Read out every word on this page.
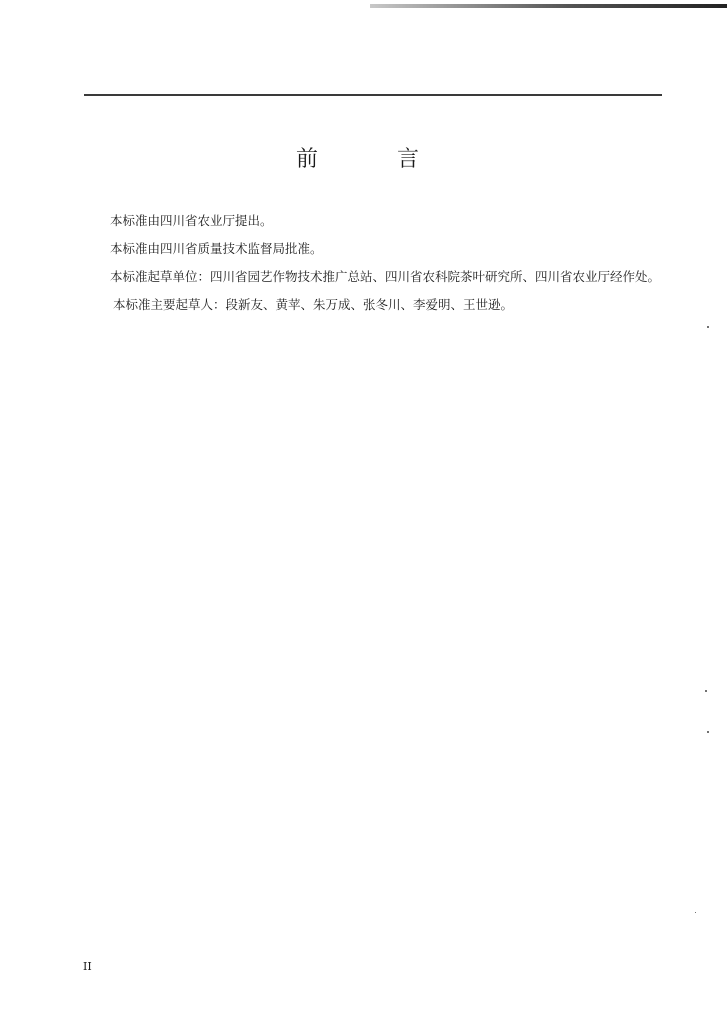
前 言
本标准由四川省农业厅提出。
本标准由四川省质量技术监督局批准。
本标准起草单位：四川省园艺作物技术推广总站、四川省农科院茶叶研究所、四川省农业厅经作处。
本标准主要起草人：段新友、黄苹、朱万成、张冬川、李爱明、王世逊。
II
